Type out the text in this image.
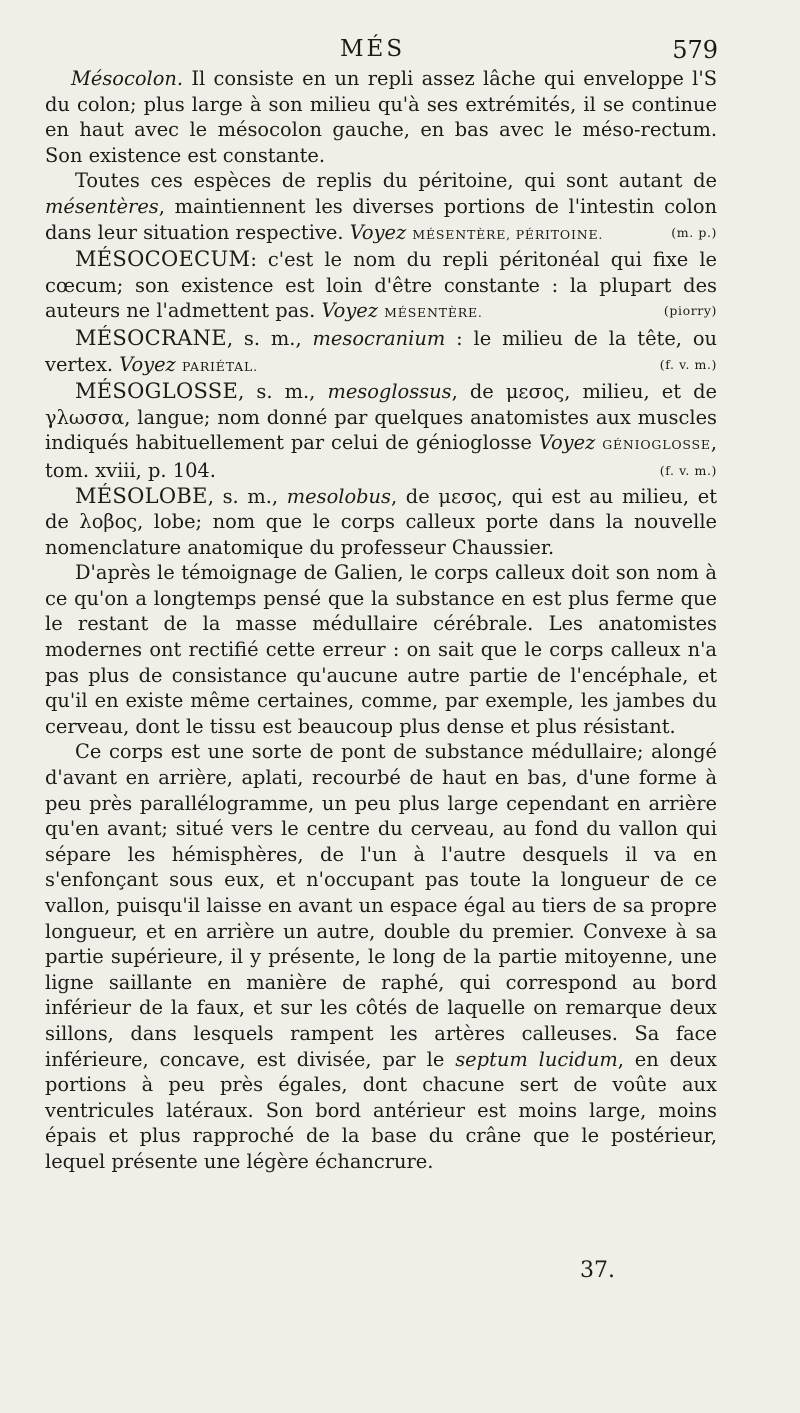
MÉS	579

Mésocolon. Il consiste en un repli assez lâche qui enveloppe l'S du colon; plus large à son milieu qu'à ses extrémités, il se continue en haut avec le mésocolon gauche, en bas avec le méso-rectum. Son existence est constante.

Toutes ces espèces de replis du péritoine, qui sont autant de mésentères, maintiennent les diverses portions de l'intestin colon dans leur situation respective. Voyez MÉSENTÈRE, PÉRITOINE.	(m. p.)

MÉSOCOECUM: c'est le nom du repli péritonéal qui fixe le cœcum; son existence est loin d'être constante : la plupart des auteurs ne l'admettent pas. Voyez MÉSENTÈRE.	(piorry)

MÉSOCRANE, s. m., mesocranium : le milieu de la tête, ou vertex. Voyez PARIÉTAL.	(f. v. m.)

MÉSOGLOSSE, s. m., mesoglossus, de μεσος, milieu, et de γλωσσα, langue; nom donné par quelques anatomistes aux muscles indiqués habituellement par celui de génioglosse Voyez GÉNIOGLOSSE, tom. xviii, p. 104.	(f. v. m.)

MÉSOLOBE, s. m., mesolobus, de μεσος, qui est au milieu, et de λοβος, lobe; nom que le corps calleux porte dans la nouvelle nomenclature anatomique du professeur Chaussier.

D'après le témoignage de Galien, le corps calleux doit son nom à ce qu'on a longtemps pensé que la substance en est plus ferme que le restant de la masse médullaire cérébrale. Les anatomistes modernes ont rectifié cette erreur : on sait que le corps calleux n'a pas plus de consistance qu'aucune autre partie de l'encéphale, et qu'il en existe même certaines, comme, par exemple, les jambes du cerveau, dont le tissu est beaucoup plus dense et plus résistant.

Ce corps est une sorte de pont de substance médullaire; alongé d'avant en arrière, aplati, recourbé de haut en bas, d'une forme à peu près parallélogramme, un peu plus large cependant en arrière qu'en avant; situé vers le centre du cerveau, au fond du vallon qui sépare les hémisphères, de l'un à l'autre desquels il va en s'enfonçant sous eux, et n'occupant pas toute la longueur de ce vallon, puisqu'il laisse en avant un espace égal au tiers de sa propre longueur, et en arrière un autre, double du premier. Convexe à sa partie supérieure, il y présente, le long de la partie mitoyenne, une ligne saillante en manière de raphé, qui correspond au bord inférieur de la faux, et sur les côtés de laquelle on remarque deux sillons, dans lesquels rampent les artères calleuses. Sa face inférieure, concave, est divisée, par le septum lucidum, en deux portions à peu près égales, dont chacune sert de voûte aux ventricules latéraux. Son bord antérieur est moins large, moins épais et plus rapproché de la base du crâne que le postérieur, lequel présente une légère échancrure.

37.
